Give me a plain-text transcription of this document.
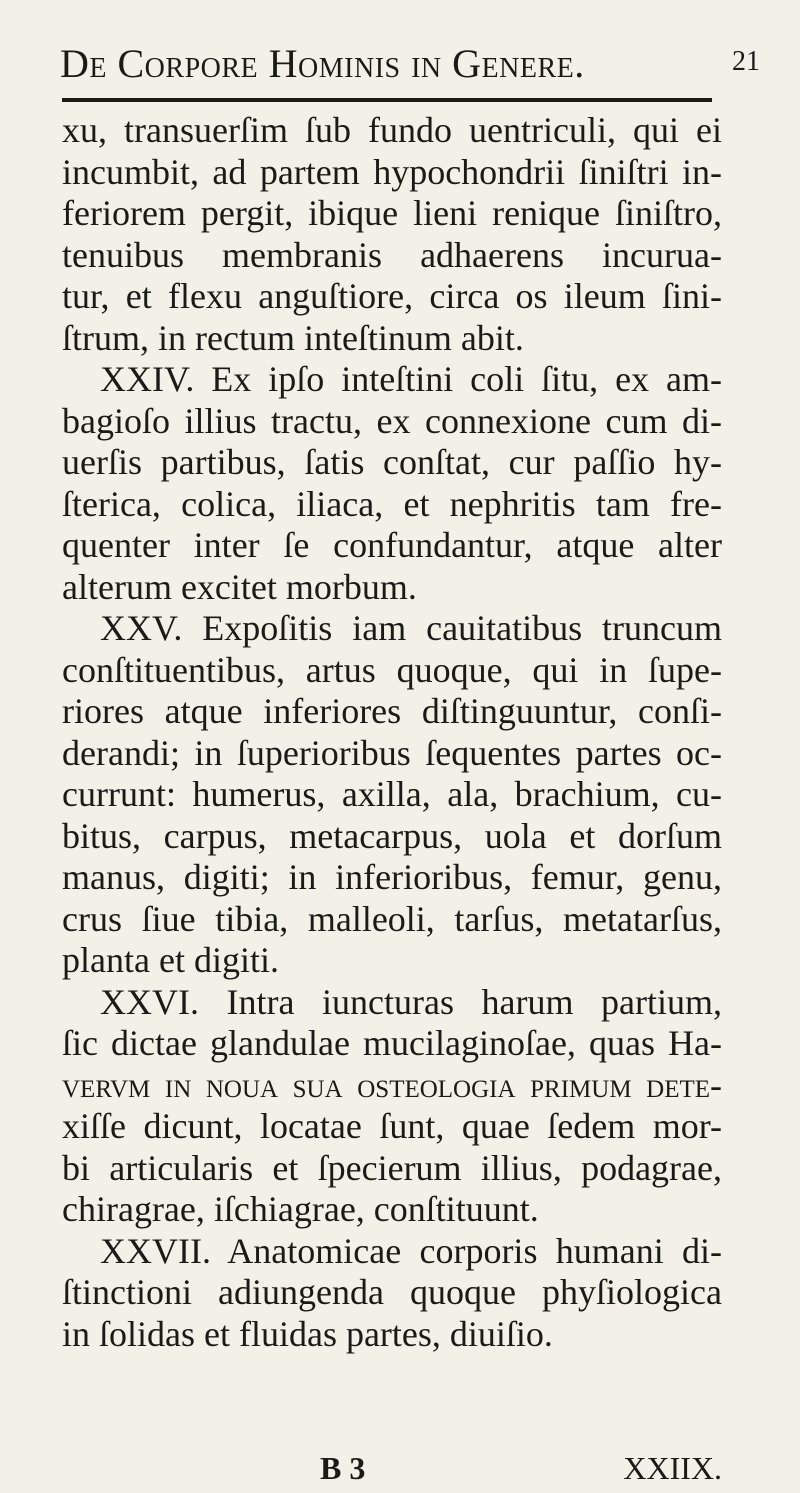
De Corpore Hominis in Genere.	21
xu, transuerſim ſub fundo uentriculi, qui ei
incumbit, ad partem hypochondrii ſiniſtri in-
feriorem pergit, ibique lieni renique ſiniſtro,
tenuibus membranis adhaerens incurua-
tur, et flexu anguſtiore, circa os ileum ſini-
ſtrum, in rectum inteſtinum abit.
XXIV. Ex ipſo inteſtini coli ſitu, ex am-
bagioſo illius tractu, ex connexione cum di-
uerſis partibus, ſatis conſtat, cur paſſio hy-
ſterica, colica, iliaca, et nephritis tam fre-
quenter inter ſe confundantur, atque alter
alterum excitet morbum.
XXV. Expoſitis iam cauitatibus truncum
conſtituentibus, artus quoque, qui in ſupe-
riores atque inferiores diſtinguuntur, conſi-
derandi; in ſuperioribus ſequentes partes oc-
currunt: humerus, axilla, ala, brachium, cu-
bitus, carpus, metacarpus, uola et dorſum
manus, digiti; in inferioribus, femur, genu,
crus ſiue tibia, malleoli, tarſus, metatarſus,
planta et digiti.
XXVI. Intra iuncturas harum partium,
ſic dictae glandulae mucilaginoſae, quas Ha-
vervm in noua ſua oſteologia primum dete-
xiſſe dicunt, locatae ſunt, quae ſedem mor-
bi articularis et ſpecierum illius, podagrae,
chiragrae, iſchiagrae, conſtituunt.
XXVII. Anatomicae corporis humani di-
ſtinctioni adiungenda quoque phyſiologica
in ſolidas et fluidas partes, diuiſio.
B 3	XXIIX.
